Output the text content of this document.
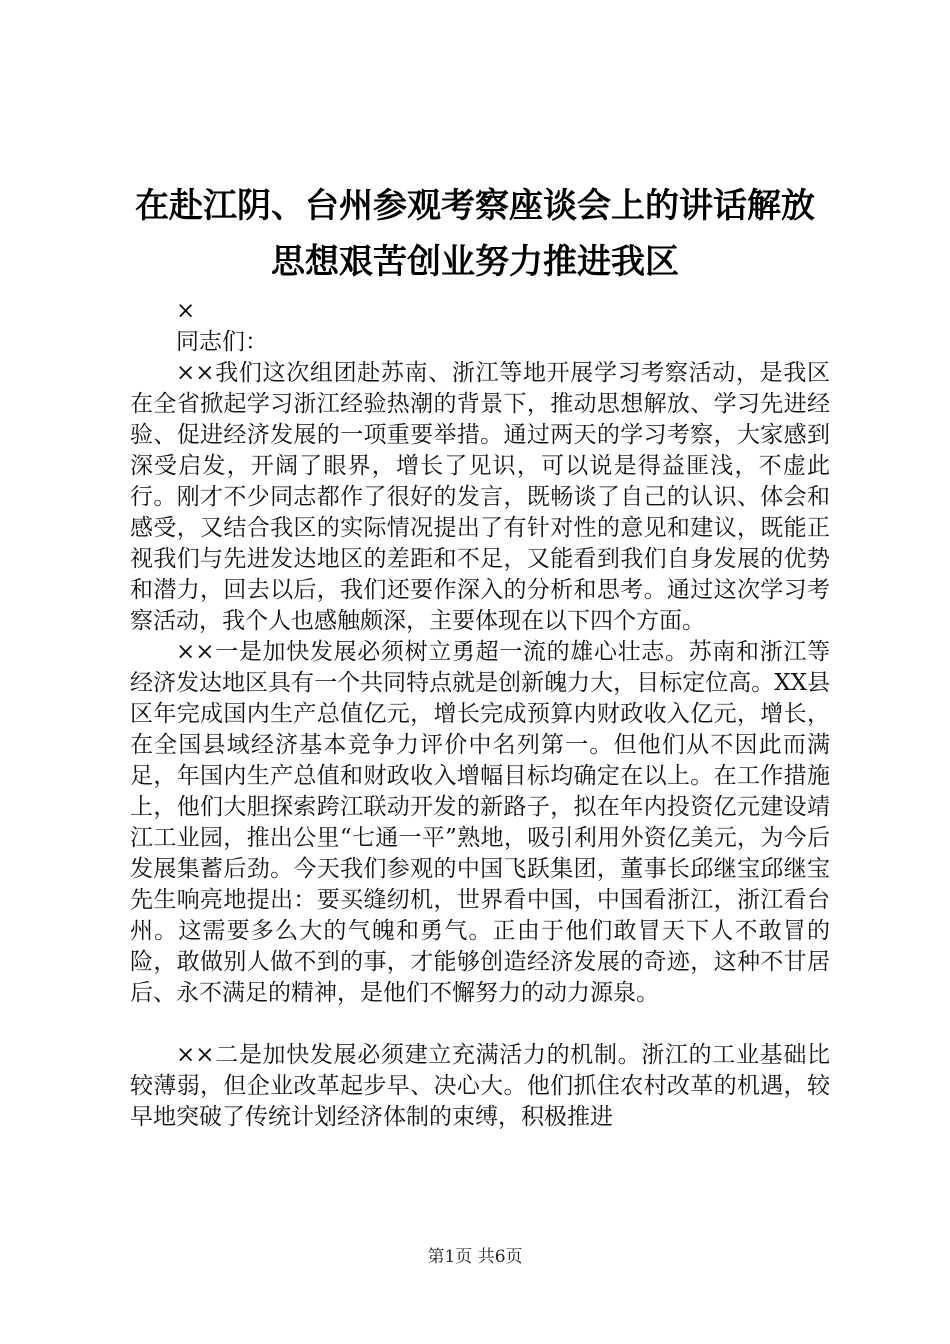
在赴江阴、台州参观考察座谈会上的讲话解放
思想艰苦创业努力推进我区

×

同志们：

××我们这次组团赴苏南、浙江等地开展学习考察活动，是我区在全省掀起学习浙江经验热潮的背景下，推动思想解放、学习先进经验、促进经济发展的一项重要举措。通过两天的学习考察，大家感到深受启发，开阔了眼界，增长了见识，可以说是得益匪浅，不虚此行。刚才不少同志都作了很好的发言，既畅谈了自己的认识、体会和感受，又结合我区的实际情况提出了有针对性的意见和建议，既能正视我们与先进发达地区的差距和不足，又能看到我们自身发展的优势和潜力，回去以后，我们还要作深入的分析和思考。通过这次学习考察活动，我个人也感触颇深，主要体现在以下四个方面。

××一是加快发展必须树立勇超一流的雄心壮志。苏南和浙江等经济发达地区具有一个共同特点就是创新魄力大，目标定位高。XX县区年完成国内生产总值亿元，增长完成预算内财政收入亿元，增长，在全国县域经济基本竞争力评价中名列第一。但他们从不因此而满足，年国内生产总值和财政收入增幅目标均确定在以上。在工作措施上，他们大胆探索跨江联动开发的新路子，拟在年内投资亿元建设靖江工业园，推出公里“七通一平”熟地，吸引利用外资亿美元，为今后发展集蓄后劲。今天我们参观的中国飞跃集团，董事长邱继宝邱继宝先生响亮地提出：要买缝纫机，世界看中国，中国看浙江，浙江看台州。这需要多么大的气魄和勇气。正由于他们敢冒天下人不敢冒的险，敢做别人做不到的事，才能够创造经济发展的奇迹，这种不甘居后、永不满足的精神，是他们不懈努力的动力源泉。

××二是加快发展必须建立充满活力的机制。浙江的工业基础比较薄弱，但企业改革起步早、决心大。他们抓住农村改革的机遇，较早地突破了传统计划经济体制的束缚，积极推进

第1页 共6页
